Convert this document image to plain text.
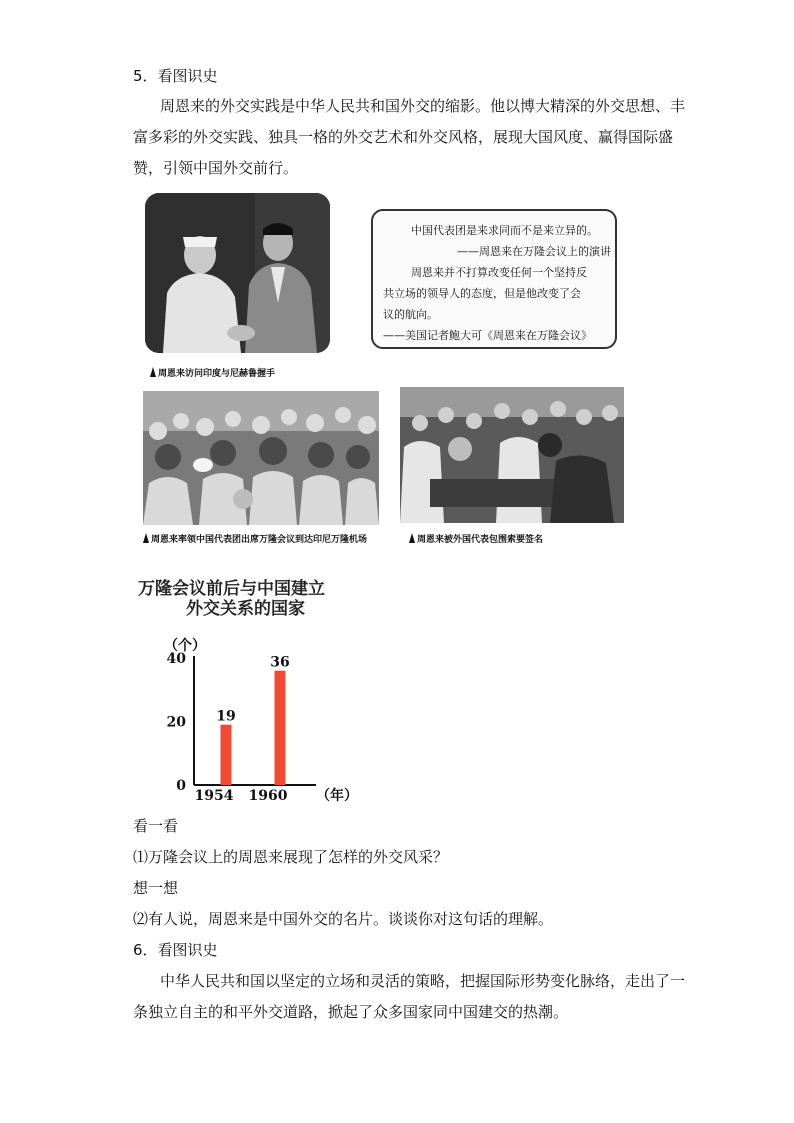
5．看图识史
周恩来的外交实践是中华人民共和国外交的缩影。他以博大精深的外交思想、丰
富多彩的外交实践、独具一格的外交艺术和外交风格，展现大国风度、赢得国际盛
赞，引领中国外交前行。
中国代表团是来求同而不是来立异的。
——周恩来在万隆会议上的演讲
周恩来并不打算改变任何一个坚持反
共立场的领导人的态度，但是他改变了会
议的航向。
——美国记者鲍大可《周恩来在万隆会议》
周恩来访问印度与尼赫鲁握手
周恩来率领中国代表团出席万隆会议到达印尼万隆机场	周恩来被外国代表包围索要签名
万隆会议前后与中国建立
外交关系的国家
（个）
0
20
40
19
1954
36
1960 （年）
看一看
⑴万隆会议上的周恩来展现了怎样的外交风采？
想一想
⑵有人说，周恩来是中国外交的名片。谈谈你对这句话的理解。
6．看图识史
中华人民共和国以坚定的立场和灵活的策略，把握国际形势变化脉络，走出了一
条独立自主的和平外交道路，掀起了众多国家同中国建交的热潮。
